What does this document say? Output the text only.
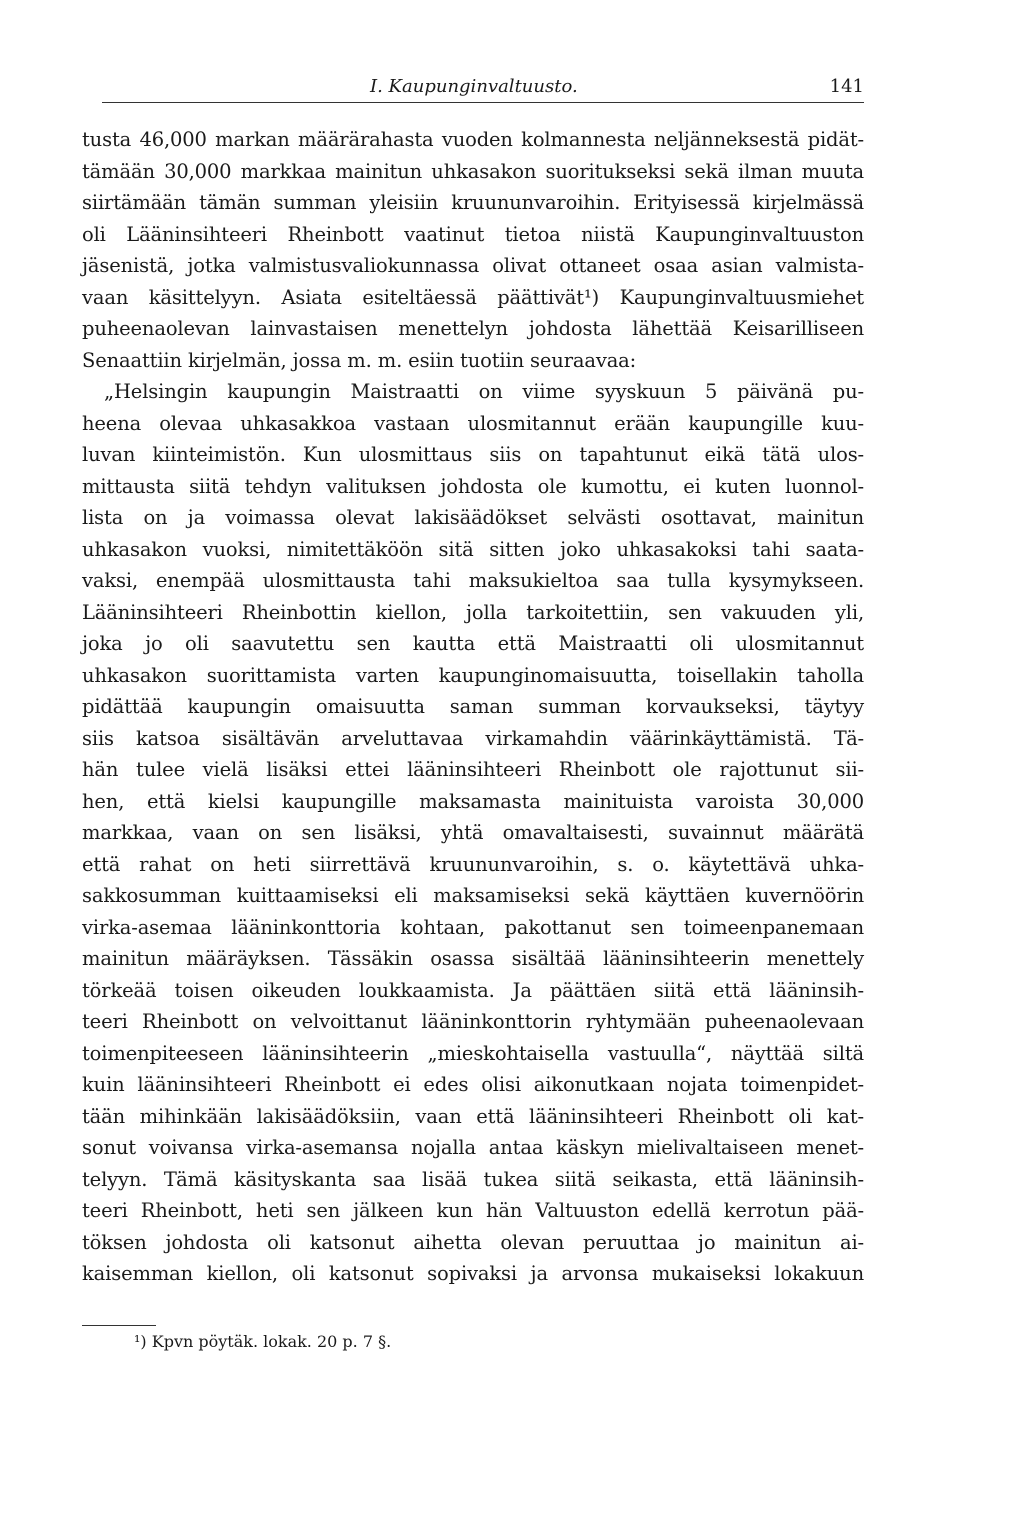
I. Kaupunginvaltuusto.	141
tusta 46,000 markan määrärahasta vuoden kolmannesta neljänneksestä pidät-
tämään 30,000 markkaa mainitun uhkasakon suoritukseksi sekä ilman muuta
siirtämään tämän summan yleisiin kruununvaroihin. Erityisessä kirjelmässä
oli Lääninsihteeri Rheinbott vaatinut tietoa niistä Kaupunginvaltuuston
jäsenistä, jotka valmistusvaliokunnassa olivat ottaneet osaa asian valmista-
vaan käsittelyyn. Asiata esiteltäessä päättivät¹) Kaupunginvaltuusmiehet
puheenaolevan lainvastaisen menettelyn johdosta lähettää Keisarilliseen
Senaattiin kirjelmän, jossa m. m. esiin tuotiin seuraavaa:
„Helsingin kaupungin Maistraatti on viime syyskuun 5 päivänä pu-
heena olevaa uhkasakkoa vastaan ulosmitannut erään kaupungille kuu-
luvan kiinteimistön. Kun ulosmittaus siis on tapahtunut eikä tätä ulos-
mittausta siitä tehdyn valituksen johdosta ole kumottu, ei kuten luonnol-
lista on ja voimassa olevat lakisäädökset selvästi osottavat, mainitun
uhkasakon vuoksi, nimitettäköön sitä sitten joko uhkasakoksi tahi saata-
vaksi, enempää ulosmittausta tahi maksukieltoa saa tulla kysymykseen.
Lääninsihteeri Rheinbottin kiellon, jolla tarkoitettiin, sen vakuuden yli,
joka jo oli saavutettu sen kautta että Maistraatti oli ulosmitannut
uhkasakon suorittamista varten kaupunginomaisuutta, toisellakin taholla
pidättää kaupungin omaisuutta saman summan korvaukseksi, täytyy
siis katsoa sisältävän arveluttavaa virkamahdin väärinkäyttämistä. Tä-
hän tulee vielä lisäksi ettei lääninsihteeri Rheinbott ole rajottunut sii-
hen, että kielsi kaupungille maksamasta mainituista varoista 30,000
markkaa, vaan on sen lisäksi, yhtä omavaltaisesti, suvainnut määrätä
että rahat on heti siirrettävä kruununvaroihin, s. o. käytettävä uhka-
sakkosumman kuittaamiseksi eli maksamiseksi sekä käyttäen kuvernöörin
virka-asemaa lääninkonttoria kohtaan, pakottanut sen toimeenpanemaan
mainitun määräyksen. Tässäkin osassa sisältää lääninsihteerin menettely
törkeää toisen oikeuden loukkaamista. Ja päättäen siitä että lääninsih-
teeri Rheinbott on velvoittanut lääninkonttorin ryhtymään puheenaolevaan
toimenpiteeseen lääninsihteerin „mieskohtaisella vastuulla“, näyttää siltä
kuin lääninsihteeri Rheinbott ei edes olisi aikonutkaan nojata toimenpidet-
tään mihinkään lakisäädöksiin, vaan että lääninsihteeri Rheinbott oli kat-
sonut voivansa virka-asemansa nojalla antaa käskyn mielivaltaiseen menet-
telyyn. Tämä käsityskanta saa lisää tukea siitä seikasta, että lääninsih-
teeri Rheinbott, heti sen jälkeen kun hän Valtuuston edellä kerrotun pää-
töksen johdosta oli katsonut aihetta olevan peruuttaa jo mainitun ai-
kaisemman kiellon, oli katsonut sopivaksi ja arvonsa mukaiseksi lokakuun
¹) Kpvn pöytäk. lokak. 20 p. 7 §.
